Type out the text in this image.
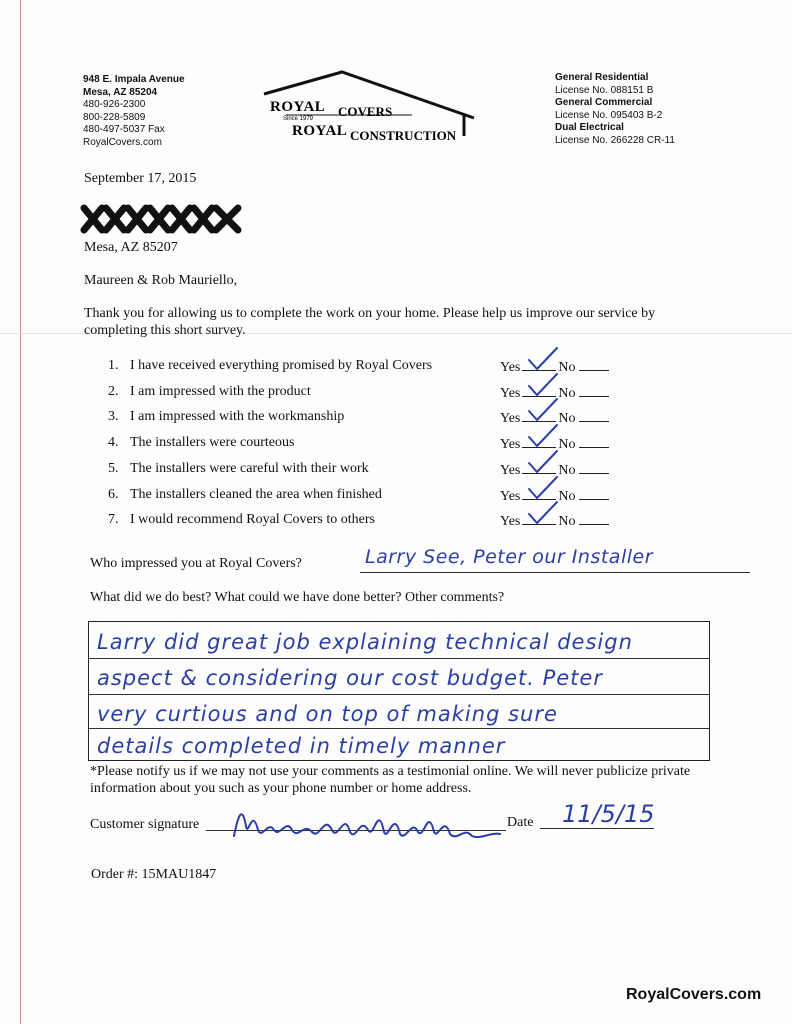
948 E. Impala Avenue
Mesa, AZ 85204
480-926-2300
800-228-5809
480-497-5037 Fax
RoyalCovers.com
ROYAL COVERS
Since 1979
ROYAL CONSTRUCTION
General Residential
License No. 088151 B
General Commercial
License No. 095403 B-2
Dual Electrical
License No. 266228 CR-11
September 17, 2015
Mesa, AZ 85207
Maureen & Rob Mauriello,
Thank you for allowing us to complete the work on your home. Please help us improve our service by completing this short survey.
1. I have received everything promised by Royal Covers	Yes	No
2. I am impressed with the product	Yes	No
3. I am impressed with the workmanship	Yes	No
4. The installers were courteous	Yes	No
5. The installers were careful with their work	Yes	No
6. The installers cleaned the area when finished	Yes	No
7. I would recommend Royal Covers to others	Yes	No
Who impressed you at Royal Covers?	Larry See, Peter our Installer
What did we do best? What could we have done better? Other comments?
Larry did great job explaining technical design
aspect & considering our cost budget. Peter
very curtious and on top of making sure
details completed in timely manner
*Please notify us if we may not use your comments as a testimonial online. We will never publicize private information about you such as your phone number or home address.
Customer signature	Date 11/5/15
Order #: 15MAU1847
RoyalCovers.com
